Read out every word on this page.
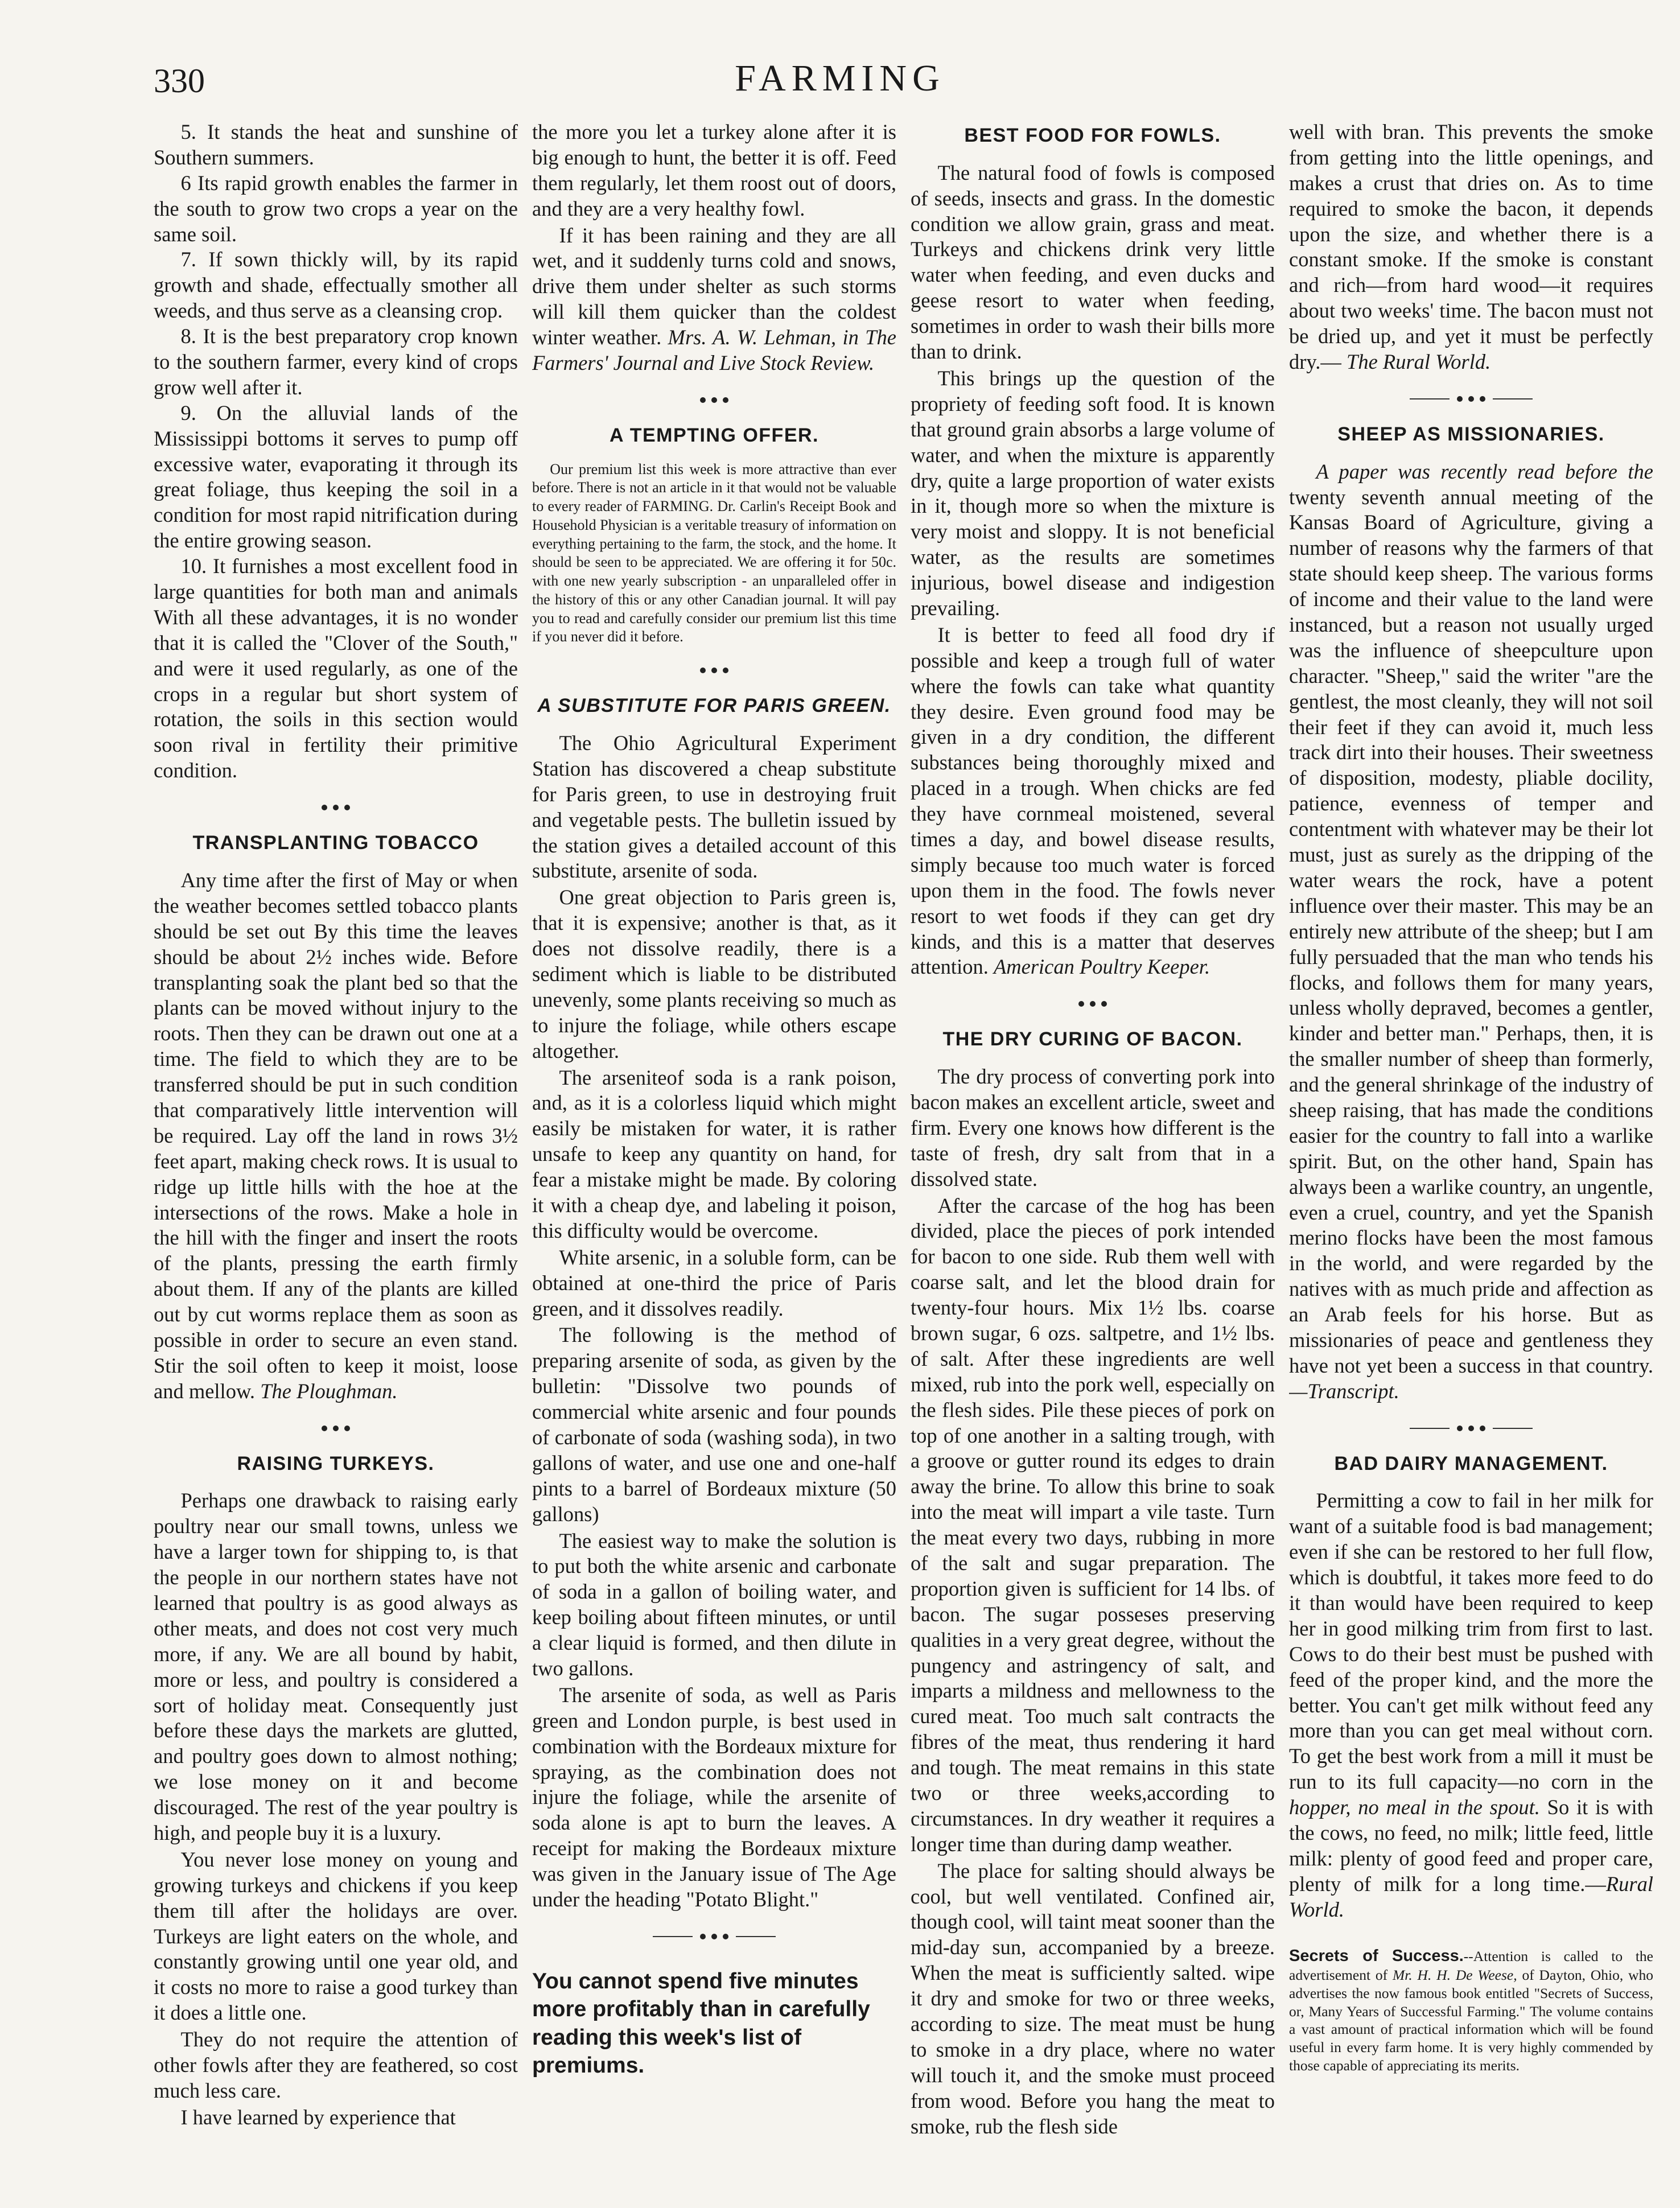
330	FARMING

5. It stands the heat and sunshine of Southern summers.

6 Its rapid growth enables the farmer in the south to grow two crops a year on the same soil.

7. If sown thickly will, by its rapid growth and shade, effectually smother all weeds, and thus serve as a cleansing crop.

8. It is the best preparatory crop known to the southern farmer, every kind of crops grow well after it.

9. On the alluvial lands of the Mississippi bottoms it serves to pump off excessive water, evaporating it through its great foliage, thus keeping the soil in a condition for most rapid nitrification during the entire growing season.

10. It furnishes a most excellent food in large quantities for both man and animals With all these advantages, it is no wonder that it is called the "Clover of the South," and were it used regularly, as one of the crops in a regular but short system of rotation, the soils in this section would soon rival in fertility their primitive condition.

TRANSPLANTING TOBACCO

Any time after the first of May or when the weather becomes settled tobacco plants should be set out By this time the leaves should be about 2½ inches wide. Before transplanting soak the plant bed so that the plants can be moved without injury to the roots. Then they can be drawn out one at a time. The field to which they are to be transferred should be put in such condition that comparatively little intervention will be required. Lay off the land in rows 3½ feet apart, making check rows. It is usual to ridge up little hills with the hoe at the intersections of the rows. Make a hole in the hill with the finger and insert the roots of the plants, pressing the earth firmly about them. If any of the plants are killed out by cut worms replace them as soon as possible in order to secure an even stand. Stir the soil often to keep it moist, loose and mellow. The Ploughman.

RAISING TURKEYS.

Perhaps one drawback to raising early poultry near our small towns, unless we have a larger town for shipping to, is that the people in our northern states have not learned that poultry is as good always as other meats, and does not cost very much more, if any. We are all bound by habit, more or less, and poultry is considered a sort of holiday meat. Consequently just before these days the markets are glutted, and poultry goes down to almost nothing; we lose money on it and become discouraged. The rest of the year poultry is high, and people buy it is a luxury.

You never lose money on young and growing turkeys and chickens if you keep them till after the holidays are over. Turkeys are light eaters on the whole, and constantly growing until one year old, and it costs no more to raise a good turkey than it does a little one.

They do not require the attention of other fowls after they are feathered, so cost much less care.

I have learned by experience that

the more you let a turkey alone after it is big enough to hunt, the better it is off. Feed them regularly, let them roost out of doors, and they are a very healthy fowl.

If it has been raining and they are all wet, and it suddenly turns cold and snows, drive them under shelter as such storms will kill them quicker than the coldest winter weather. Mrs. A. W. Lehman, in The Farmers' Journal and Live Stock Review.

A TEMPTING OFFER.

Our premium list this week is more attractive than ever before. There is not an article in it that would not be valuable to every reader of FARMING. Dr. Carlin's Receipt Book and Household Physician is a veritable treasury of information on everything pertaining to the farm, the stock, and the home. It should be seen to be appreciated. We are offering it for 50c. with one new yearly subscription - an unparalleled offer in the history of this or any other Canadian journal. It will pay you to read and carefully consider our premium list this time if you never did it before.

A SUBSTITUTE FOR PARIS GREEN.

The Ohio Agricultural Experiment Station has discovered a cheap substitute for Paris green, to use in destroying fruit and vegetable pests. The bulletin issued by the station gives a detailed account of this substitute, arsenite of soda.

One great objection to Paris green is, that it is expensive; another is that, as it does not dissolve readily, there is a sediment which is liable to be distributed unevenly, some plants receiving so much as to injure the foliage, while others escape altogether.

The arseniteof soda is a rank poison, and, as it is a colorless liquid which might easily be mistaken for water, it is rather unsafe to keep any quantity on hand, for fear a mistake might be made. By coloring it with a cheap dye, and labeling it poison, this difficulty would be overcome.

White arsenic, in a soluble form, can be obtained at one-third the price of Paris green, and it dissolves readily.

The following is the method of preparing arsenite of soda, as given by the bulletin: "Dissolve two pounds of commercial white arsenic and four pounds of carbonate of soda (washing soda), in two gallons of water, and use one and one-half pints to a barrel of Bordeaux mixture (50 gallons)

The easiest way to make the solution is to put both the white arsenic and carbonate of soda in a gallon of boiling water, and keep boiling about fifteen minutes, or until a clear liquid is formed, and then dilute in two gallons.

The arsenite of soda, as well as Paris green and London purple, is best used in combination with the Bordeaux mixture for spraying, as the combination does not injure the foliage, while the arsenite of soda alone is apt to burn the leaves. A receipt for making the Bordeaux mixture was given in the January issue of The Age under the heading "Potato Blight."

You cannot spend five minutes more profitably than in carefully reading this week's list of premiums.
BEST FOOD FOR FOWLS.

The natural food of fowls is composed of seeds, insects and grass. In the domestic condition we allow grain, grass and meat. Turkeys and chickens drink very little water when feeding, and even ducks and geese resort to water when feeding, sometimes in order to wash their bills more than to drink.

This brings up the question of the propriety of feeding soft food. It is known that ground grain absorbs a large volume of water, and when the mixture is apparently dry, quite a large proportion of water exists in it, though more so when the mixture is very moist and sloppy. It is not beneficial water, as the results are sometimes injurious, bowel disease and indigestion prevailing.

It is better to feed all food dry if possible and keep a trough full of water where the fowls can take what quantity they desire. Even ground food may be given in a dry condition, the different substances being thoroughly mixed and placed in a trough. When chicks are fed they have cornmeal moistened, several times a day, and bowel disease results, simply because too much water is forced upon them in the food. The fowls never resort to wet foods if they can get dry kinds, and this is a matter that deserves attention. American Poultry Keeper.

THE DRY CURING OF BACON.

The dry process of converting pork into bacon makes an excellent article, sweet and firm. Every one knows how different is the taste of fresh, dry salt from that in a dissolved state.

After the carcase of the hog has been divided, place the pieces of pork intended for bacon to one side. Rub them well with coarse salt, and let the blood drain for twenty-four hours. Mix 1½ lbs. coarse brown sugar, 6 ozs. saltpetre, and 1½ lbs. of salt. After these ingredients are well mixed, rub into the pork well, especially on the flesh sides. Pile these pieces of pork on top of one another in a salting trough, with a groove or gutter round its edges to drain away the brine. To allow this brine to soak into the meat will impart a vile taste. Turn the meat every two days, rubbing in more of the salt and sugar preparation. The proportion given is sufficient for 14 lbs. of bacon. The sugar posseses preserving qualities in a very great degree, without the pungency and astringency of salt, and imparts a mildness and mellowness to the cured meat. Too much salt contracts the fibres of the meat, thus rendering it hard and tough. The meat remains in this state two or three weeks,according to circumstances. In dry weather it requires a longer time than during damp weather.

The place for salting should always be cool, but well ventilated. Confined air, though cool, will taint meat sooner than the mid-day sun, accompanied by a breeze. When the meat is sufficiently salted. wipe it dry and smoke for two or three weeks, according to size. The meat must be hung to smoke in a dry place, where no water will touch it, and the smoke must proceed from wood. Before you hang the meat to smoke, rub the flesh side

well with bran. This prevents the smoke from getting into the little openings, and makes a crust that dries on. As to time required to smoke the bacon, it depends upon the size, and whether there is a constant smoke. If the smoke is constant and rich—from hard wood—it requires about two weeks' time. The bacon must not be dried up, and yet it must be perfectly dry.— The Rural World.

SHEEP AS MISSIONARIES.

A paper was recently read before the twenty seventh annual meeting of the Kansas Board of Agriculture, giving a number of reasons why the farmers of that state should keep sheep. The various forms of income and their value to the land were instanced, but a reason not usually urged was the influence of sheepculture upon character. "Sheep," said the writer "are the gentlest, the most cleanly, they will not soil their feet if they can avoid it, much less track dirt into their houses. Their sweetness of disposition, modesty, pliable docility, patience, evenness of temper and contentment with whatever may be their lot must, just as surely as the dripping of the water wears the rock, have a potent influence over their master. This may be an entirely new attribute of the sheep; but I am fully persuaded that the man who tends his flocks, and follows them for many years, unless wholly depraved, becomes a gentler, kinder and better man." Perhaps, then, it is the smaller number of sheep than formerly, and the general shrinkage of the industry of sheep raising, that has made the conditions easier for the country to fall into a warlike spirit. But, on the other hand, Spain has always been a warlike country, an ungentle, even a cruel, country, and yet the Spanish merino flocks have been the most famous in the world, and were regarded by the natives with as much pride and affection as an Arab feels for his horse. But as missionaries of peace and gentleness they have not yet been a success in that country. —Transcript.

BAD DAIRY MANAGEMENT.

Permitting a cow to fail in her milk for want of a suitable food is bad management; even if she can be restored to her full flow, which is doubtful, it takes more feed to do it than would have been required to keep her in good milking trim from first to last. Cows to do their best must be pushed with feed of the proper kind, and the more the better. You can't get milk without feed any more than you can get meal without corn. To get the best work from a mill it must be run to its full capacity—no corn in the hopper, no meal in the spout. So it is with the cows, no feed, no milk; little feed, little milk: plenty of good feed and proper care, plenty of milk for a long time.—Rural World.

Secrets of Success.--Attention is called to the advertisement of Mr. H. H. De Weese, of Dayton, Ohio, who advertises the now famous book entitled "Secrets of Success, or, Many Years of Successful Farming." The volume contains a vast amount of practical information which will be found useful in every farm home. It is very highly commended by those capable of appreciating its merits.
